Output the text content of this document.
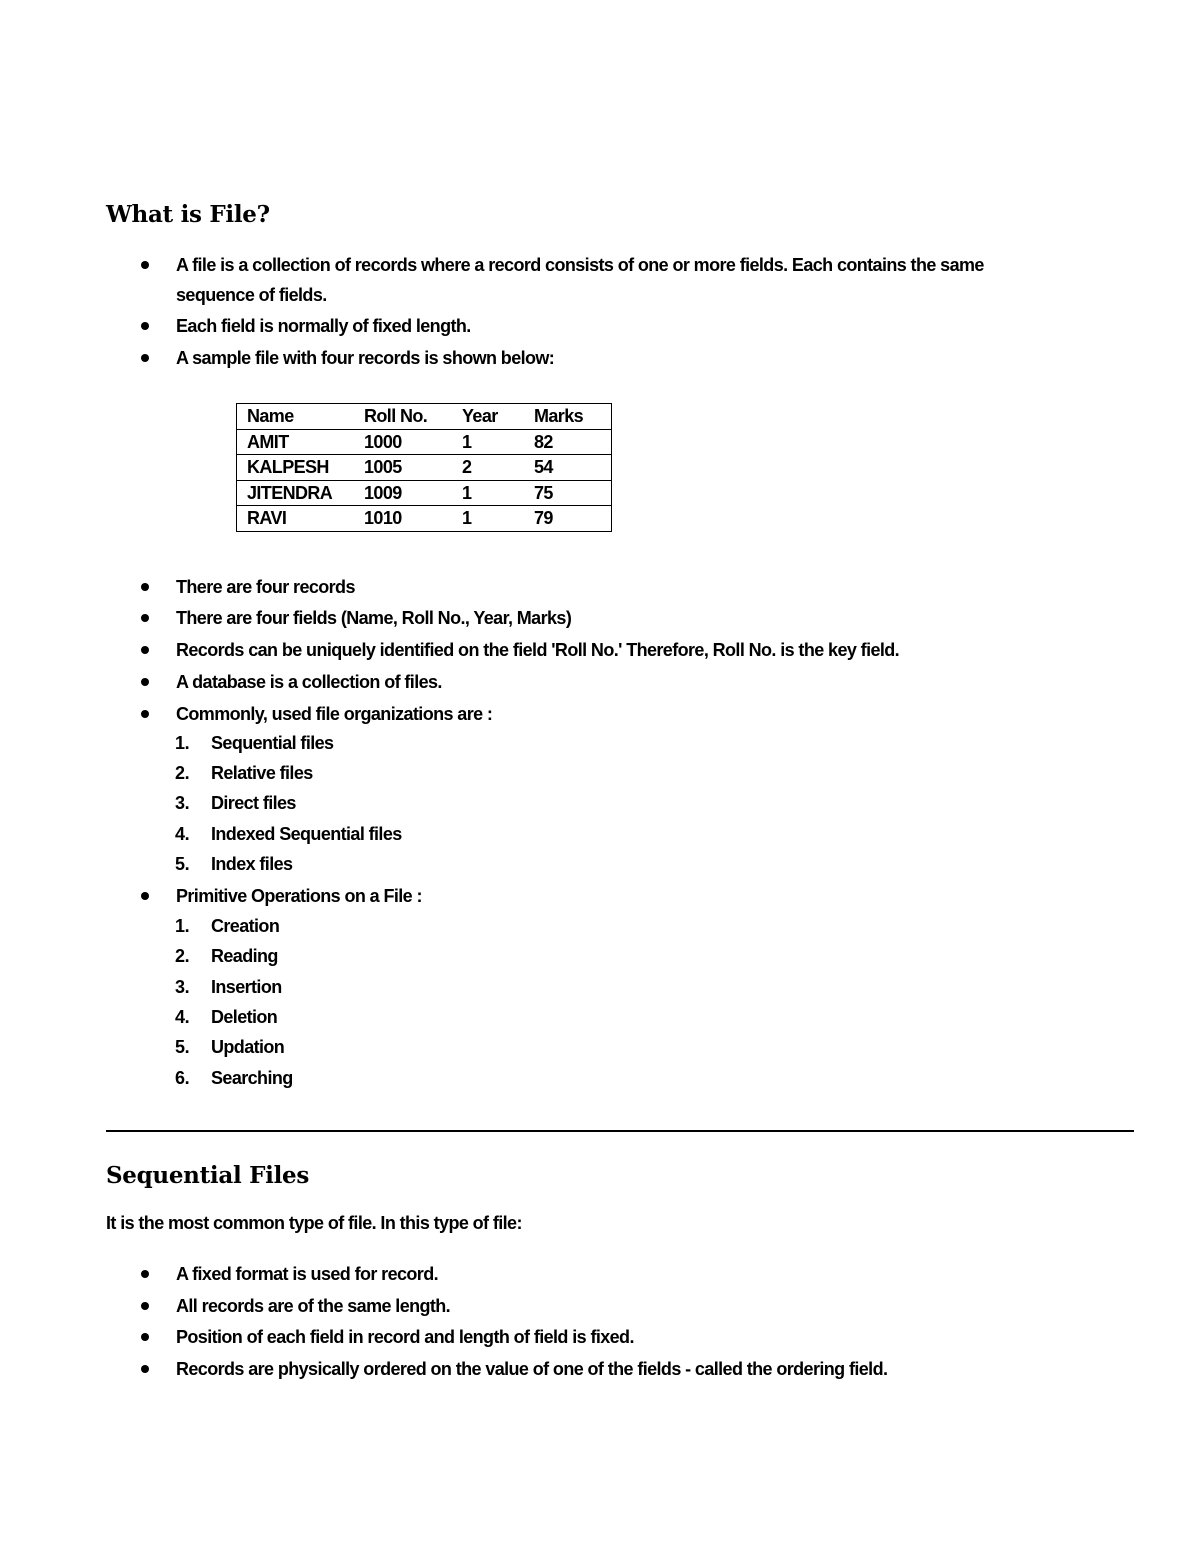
What is File?

A file is a collection of records where a record consists of one or more fields. Each contains the same

sequence of fields.

Each field is normally of fixed length.

A sample file with four records is shown below:

Name	Roll No.	Year	Marks
AMIT	1000	1	82
KALPESH	1005	2	54
JITENDRA	1009	1	75
RAVI	1010	1	79

There are four records

There are four fields (Name, Roll No., Year, Marks)

Records can be uniquely identified on the field 'Roll No.' Therefore, Roll No. is the key field.

A database is a collection of files.

Commonly, used file organizations are :

1. Sequential files

2. Relative files

3. Direct files

4. Indexed Sequential files

5. Index files

Primitive Operations on a File :

1. Creation

2. Reading

3. Insertion

4. Deletion

5. Updation

6. Searching

Sequential Files

It is the most common type of file. In this type of file:

A fixed format is used for record.

All records are of the same length.

Position of each field in record and length of field is fixed.

Records are physically ordered on the value of one of the fields - called the ordering field.
